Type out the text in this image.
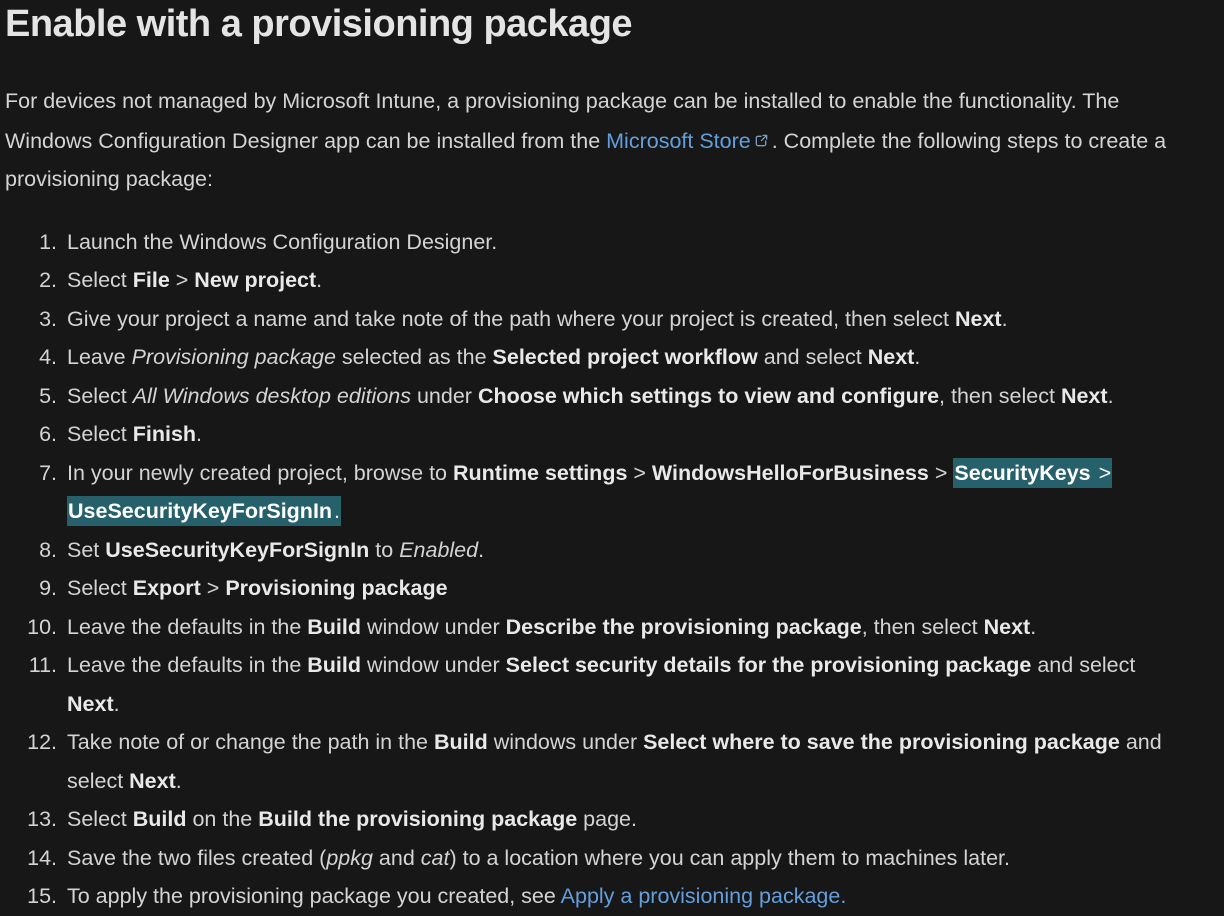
Enable with a provisioning package

For devices not managed by Microsoft Intune, a provisioning package can be installed to enable the functionality. The Windows Configuration Designer app can be installed from the Microsoft Store . Complete the following steps to create a provisioning package:

1. Launch the Windows Configuration Designer.
2. Select File > New project.
3. Give your project a name and take note of the path where your project is created, then select Next.
4. Leave Provisioning package selected as the Selected project workflow and select Next.
5. Select All Windows desktop editions under Choose which settings to view and configure, then select Next.
6. Select Finish.
7. In your newly created project, browse to Runtime settings > WindowsHelloForBusiness > SecurityKeys > UseSecurityKeyForSignIn.
8. Set UseSecurityKeyForSignIn to Enabled.
9. Select Export > Provisioning package
10. Leave the defaults in the Build window under Describe the provisioning package, then select Next.
11. Leave the defaults in the Build window under Select security details for the provisioning package and select Next.
12. Take note of or change the path in the Build windows under Select where to save the provisioning package and select Next.
13. Select Build on the Build the provisioning package page.
14. Save the two files created (ppkg and cat) to a location where you can apply them to machines later.
15. To apply the provisioning package you created, see Apply a provisioning package.
